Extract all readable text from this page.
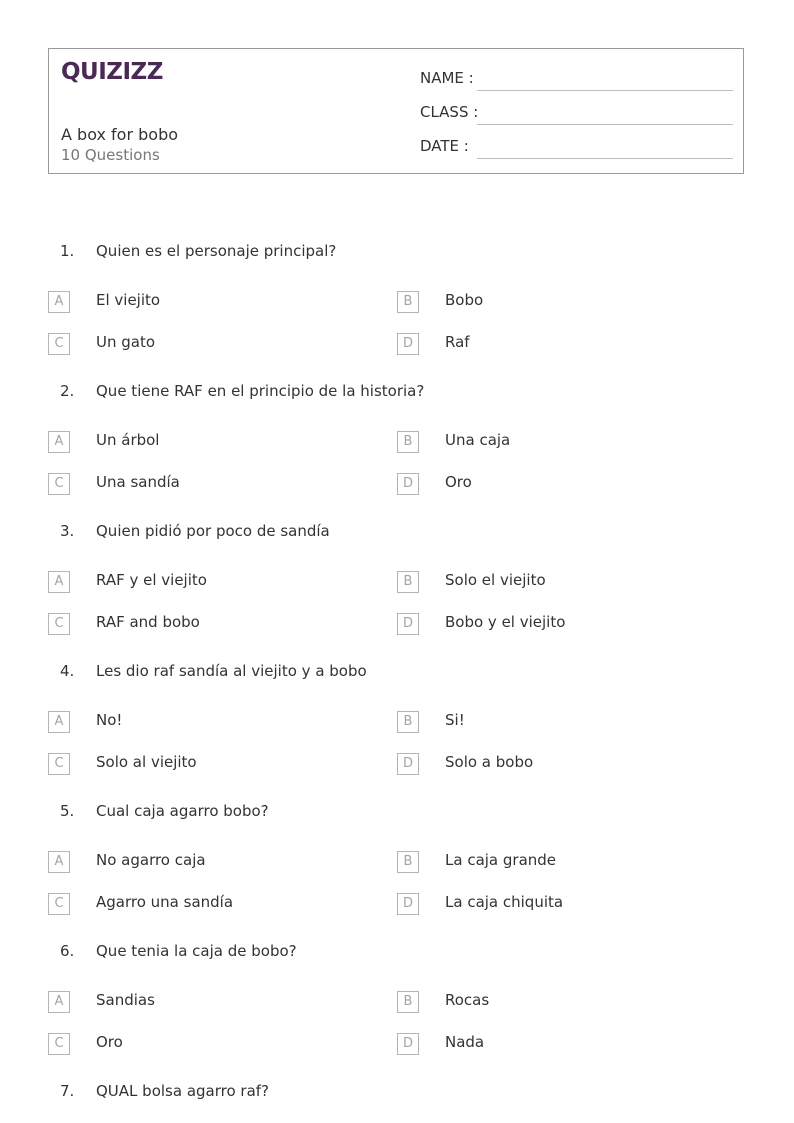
QUIZIZZ
A box for bobo
10 Questions
NAME :
CLASS :
DATE :
1. Quien es el personaje principal?
A	El viejito	B	Bobo
C	Un gato	D	Raf
2. Que tiene RAF en el principio de la historia?
A	Un árbol	B	Una caja
C	Una sandía	D	Oro
3. Quien pidió por poco de sandía
A	RAF y el viejito	B	Solo el viejito
C	RAF and bobo	D	Bobo y el viejito
4. Les dio raf sandía al viejito y a bobo
A	No!	B	Si!
C	Solo al viejito	D	Solo a bobo
5. Cual caja agarro bobo?
A	No agarro caja	B	La caja grande
C	Agarro una sandía	D	La caja chiquita
6. Que tenia la caja de bobo?
A	Sandias	B	Rocas
C	Oro	D	Nada
7. QUAL bolsa agarro raf?
